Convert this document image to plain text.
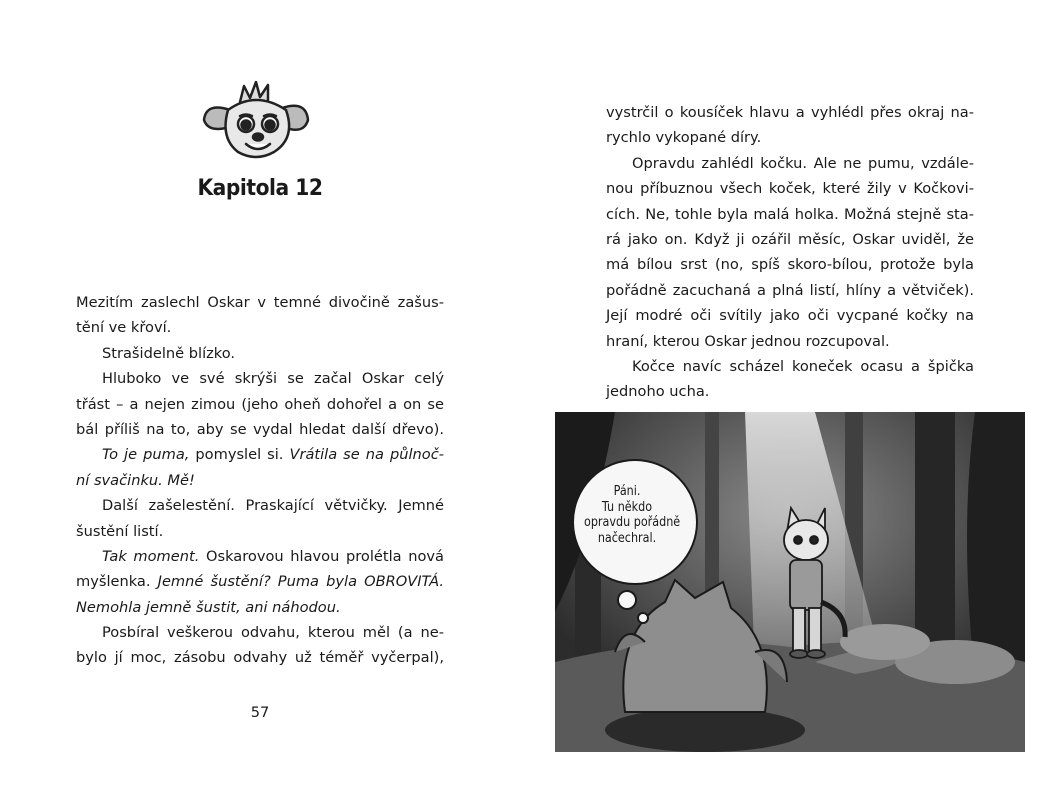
Kapitola 12
Mezitím zaslechl Oskar v temné divočině zašus-
tění ve křoví.
Strašidelně blízko.
Hluboko ve své skrýši se začal Oskar celý
třást – a nejen zimou (jeho oheň dohořel a on se
bál příliš na to, aby se vydal hledat další dřevo).
To je puma, pomyslel si. Vrátila se na půlnoč-
ní svačinku. Mě!
Další zašelestění. Praskající větvičky. Jemné
šustění listí.
Tak moment. Oskarovou hlavou prolétla nová
myšlenka. Jemné šustění? Puma byla OBROVITÁ.
Nemohla jemně šustit, ani náhodou.
Posbíral veškerou odvahu, kterou měl (a ne-
bylo jí moc, zásobu odvahy už téměř vyčerpal),
57
vystrčil o kousíček hlavu a vyhlédl přes okraj na-
rychlo vykopané díry.
Opravdu zahlédl kočku. Ale ne pumu, vzdále-
nou příbuznou všech koček, které žily v Kočkovi-
cích. Ne, tohle byla malá holka. Možná stejně sta-
rá jako on. Když ji ozářil měsíc, Oskar uviděl, že
má bílou srst (no, spíš skoro-bílou, protože byla
pořádně zacuchaná a plná listí, hlíny a větviček).
Její modré oči svítily jako oči vycpané kočky na
hraní, kterou Oskar jednou rozcupoval.
Kočce navíc scházel koneček ocasu a špička
jednoho ucha.
Páni.
Tu někdo
opravdu pořádně
načechral.
